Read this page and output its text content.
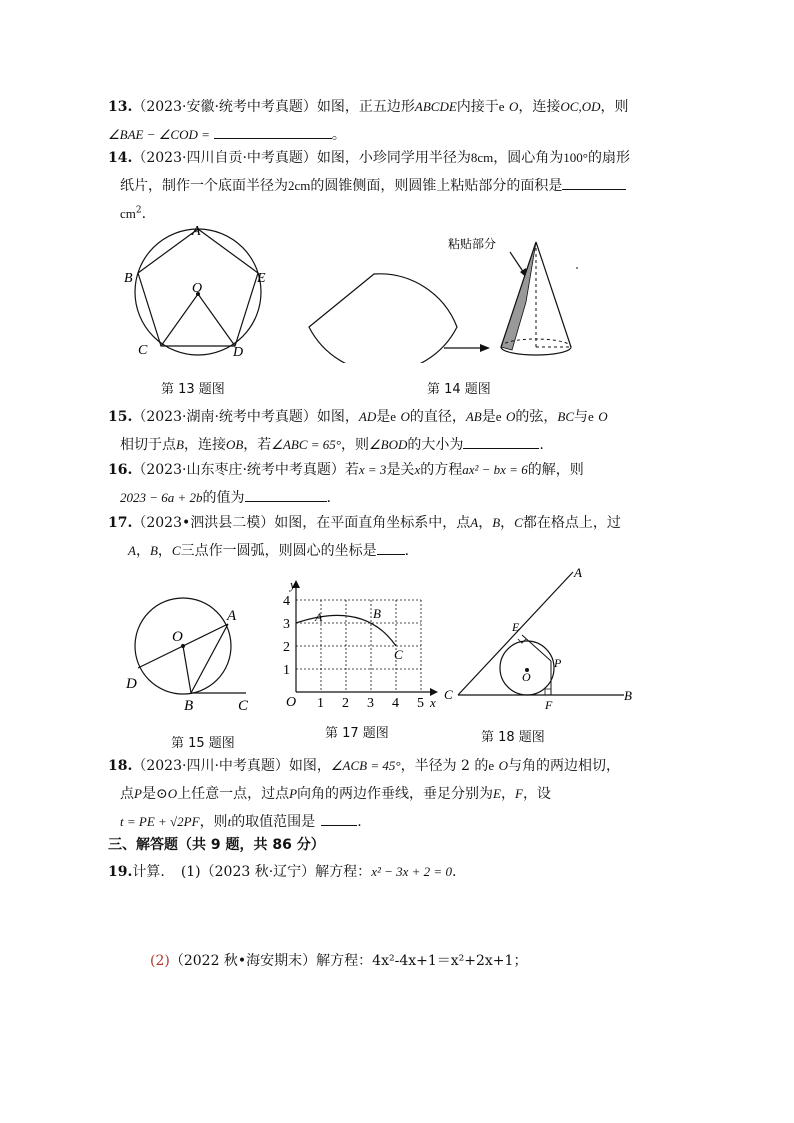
13.（2023·安徽·统考中考真题）如图，正五边形ABCDE内接于e O，连接OC,OD，则
∠BAE − ∠COD =	。
14.（2023·四川自贡·中考真题）如图，小珍同学用半径为8cm，圆心角为100°的扇形
纸片，制作一个底面半径为2cm的圆锥侧面，则圆锥上粘贴部分的面积是
$cm^2$.
A
B	E
O
C	D
第 13 题图
粘贴部分
第 14 题图
15.（2023·湖南·统考中考真题）如图，AD是e O的直径，AB是e O的弦，BC与e O
相切于点B，连接OB，若∠ABC = 65°，则∠BOD的大小为	.
16.（2023·山东枣庄·统考中考真题）若x = 3是关x的方程ax² − bx = 6的解，则
2023 − 6a + 2b的值为	.
17.（2023•泗洪县二模）如图，在平面直角坐标系中，点A，B，C都在格点上，过
A，B，C三点作一圆弧，则圆心的坐标是 .
O
A
D
B	C
第 15 题图
y
x
O
4
3
2
1
1 2 3 4 5
A	B
C
第 17 题图
A
E
P
O
C
F
B
第 18 题图
18.（2023·四川·中考真题）如图，∠ACB = 45°，半径为 2 的e O与角的两边相切，
点P是⊙O上任意一点，过点P向角的两边作垂线，垂足分别为E，F，设
t = PE + √2PF，则t的取值范围是	.
三、解答题（共 9 题，共 86 分）
19.计算. (1)（2023 秋·辽宁）解方程：x² − 3x + 2 = 0.
(2)（2022 秋•海安期末）解方程：4x²-4x+1＝x²+2x+1；
